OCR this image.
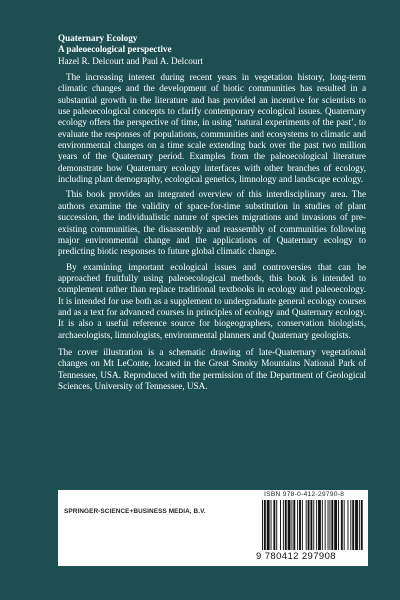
Quaternary Ecology

A paleoecological perspective

Hazel R. Delcourt and Paul A. Delcourt

The increasing interest during recent years in vegetation history, long-term climatic changes and the development of biotic communities has resulted in a substantial growth in the literature and has provided an incentive for scientists to use paleoecological concepts to clarify contemporary ecological issues. Quaternary ecology offers the perspective of time, in using ‘natural experiments of the past’, to evaluate the responses of populations, communities and ecosystems to climatic and environmental changes on a time scale extending back over the past two million years of the Quaternary period. Examples from the paleoecological literature demonstrate how Quaternary ecology interfaces with other branches of ecology, including plant demography, ecological genetics, limnology and landscape ecology.

This book provides an integrated overview of this interdisciplinary area. The authors examine the validity of space-for-time substitution in studies of plant succession, the individualistic nature of species migrations and invasions of pre-existing communities, the disassembly and reassembly of communities following major environmental change and the applications of Quaternary ecology to predicting biotic responses to future global climatic change.

By examining important ecological issues and controversies that can be approached fruitfully using paleoecological methods, this book is intended to complement rather than replace traditional textbooks in ecology and paleoecology. It is intended for use both as a supplement to undergraduate general ecology courses and as a text for advanced courses in principles of ecology and Quaternary ecology. It is also a useful reference source for biogeographers, conservation biologists, archaeologists, limnologists, environmental planners and Quaternary geologists.

The cover illustration is a schematic drawing of late-Quaternary vegetational changes on Mt LeConte, located in the Great Smoky Mountains National Park of Tennessee, USA. Reproduced with the permission of the Department of Geological Sciences, University of Tennessee, USA.

SPRINGER-SCIENCE+BUSINESS MEDIA, B.V.
ISBN 978-0-412-29790-8
9 780412 297908
